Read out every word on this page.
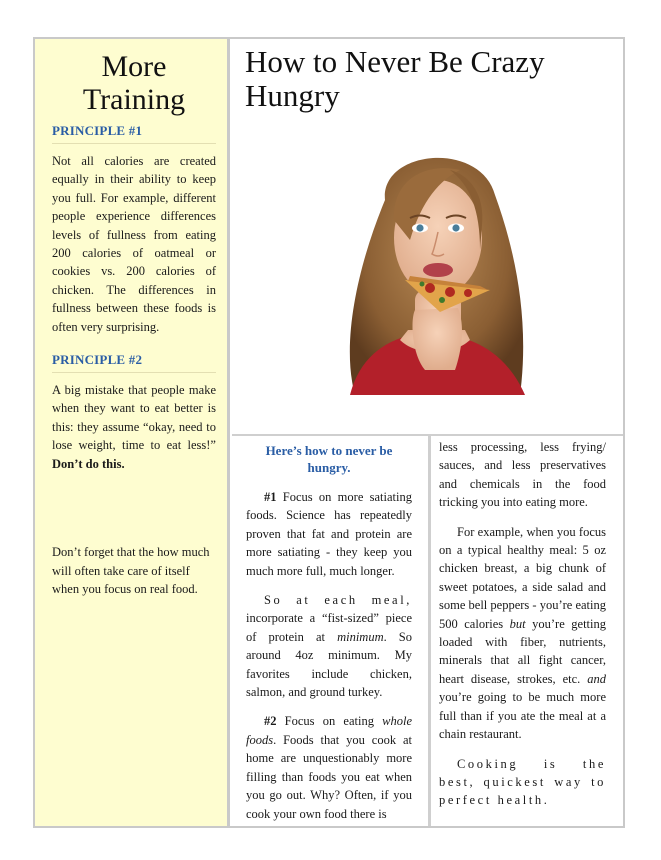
More Training
PRINCIPLE #1

Not all calories are created equally in their ability to keep you full. For example, different people experience differences levels of fullness from eating 200 calories of oatmeal or cookies vs. 200 calories of chicken. The differences in fullness between these foods is often very surprising.

PRINCIPLE #2

A big mistake that people make when they want to eat better is this: they assume “okay, need to lose weight, time to eat less!” Don’t do this.

Don’t forget that the how much will often take care of itself when you focus on real food.

How to Never Be Crazy Hungry
Here’s how to never be hungry.

#1 Focus on more satiating foods. Science has repeatedly proven that fat and protein are more satiating - they keep you much more full, much longer.

So at each meal, incorporate a “fist-sized” piece of protein at minimum. So around 4oz minimum. My favorites include chicken, salmon, and ground turkey.

#2 Focus on eating whole foods. Foods that you cook at home are unquestionably more filling than foods you eat when you go out. Why? Often, if you cook your own food there is

less processing, less frying/ sauces, and less preservatives and chemicals in the food tricking you into eating more.

For example, when you focus on a typical healthy meal: 5 oz chicken breast, a big chunk of sweet potatoes, a side salad and some bell peppers - you’re eating 500 calories but you’re getting loaded with fiber, nutrients, minerals that all fight cancer, heart disease, strokes, etc. and you’re going to be much more full than if you ate the meal at a chain restaurant.

Cooking is the best, quickest way to perfect health.
